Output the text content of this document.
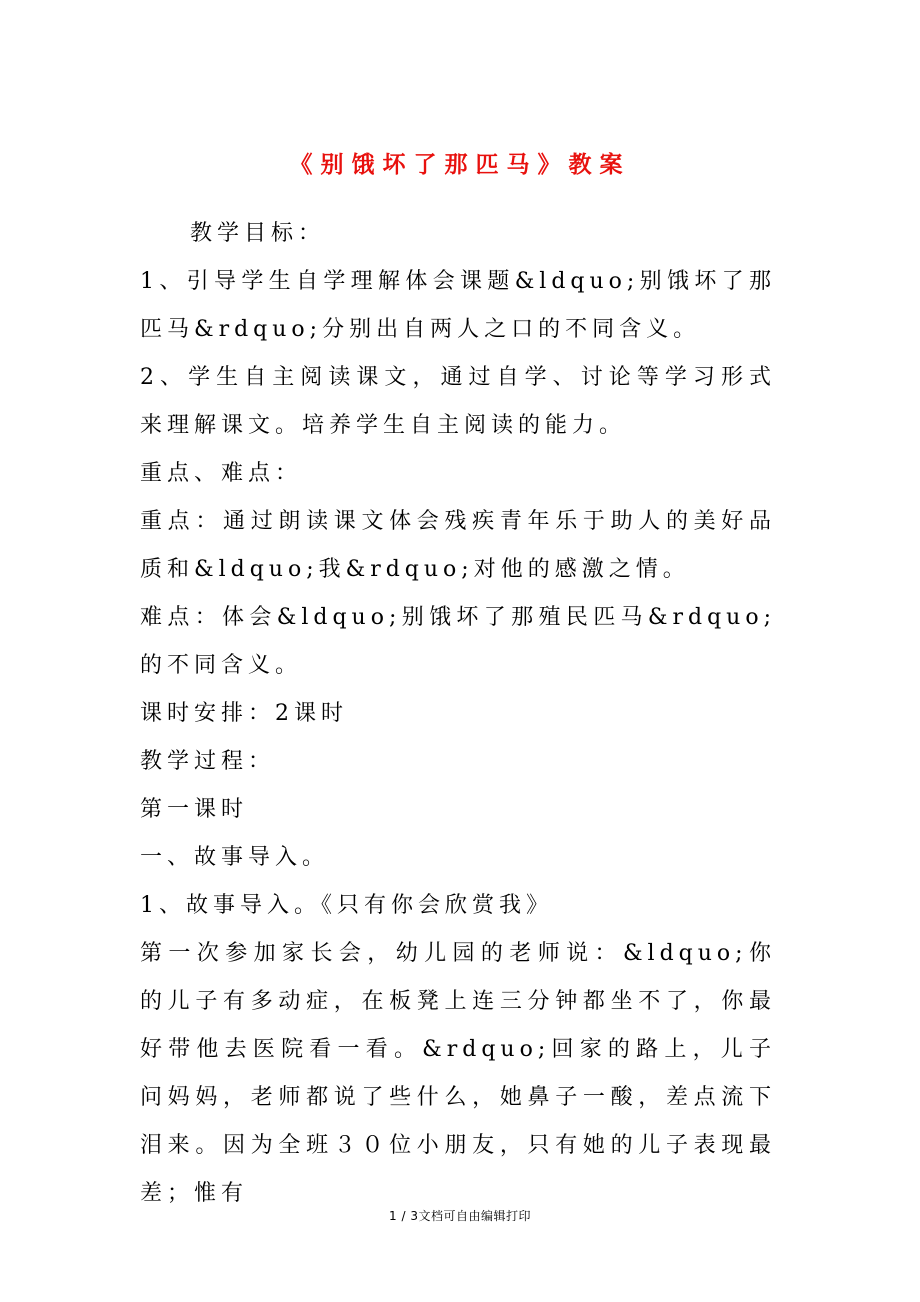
《别饿坏了那匹马》教案

教学目标：

1、引导学生自学理解体会课题&ldquo;别饿坏了那匹马&rdquo;分别出自两人之口的不同含义。

2、学生自主阅读课文，通过自学、讨论等学习形式来理解课文。培养学生自主阅读的能力。

重点、难点：

重点：通过朗读课文体会残疾青年乐于助人的美好品质和&ldquo;我&rdquo;对他的感激之情。

难点：体会&ldquo;别饿坏了那殖民匹马&rdquo;的不同含义。

课时安排：2课时

教学过程：

第一课时

一、故事导入。

1、故事导入。《只有你会欣赏我》

第一次参加家长会，幼儿园的老师说：&ldquo;你的儿子有多动症，在板凳上连三分钟都坐不了，你最好带他去医院看一看。&rdquo;回家的路上，儿子问妈妈，老师都说了些什么，她鼻子一酸，差点流下泪来。因为全班３０位小朋友，只有她的儿子表现最差；惟有

1 / 3文档可自由编辑打印
